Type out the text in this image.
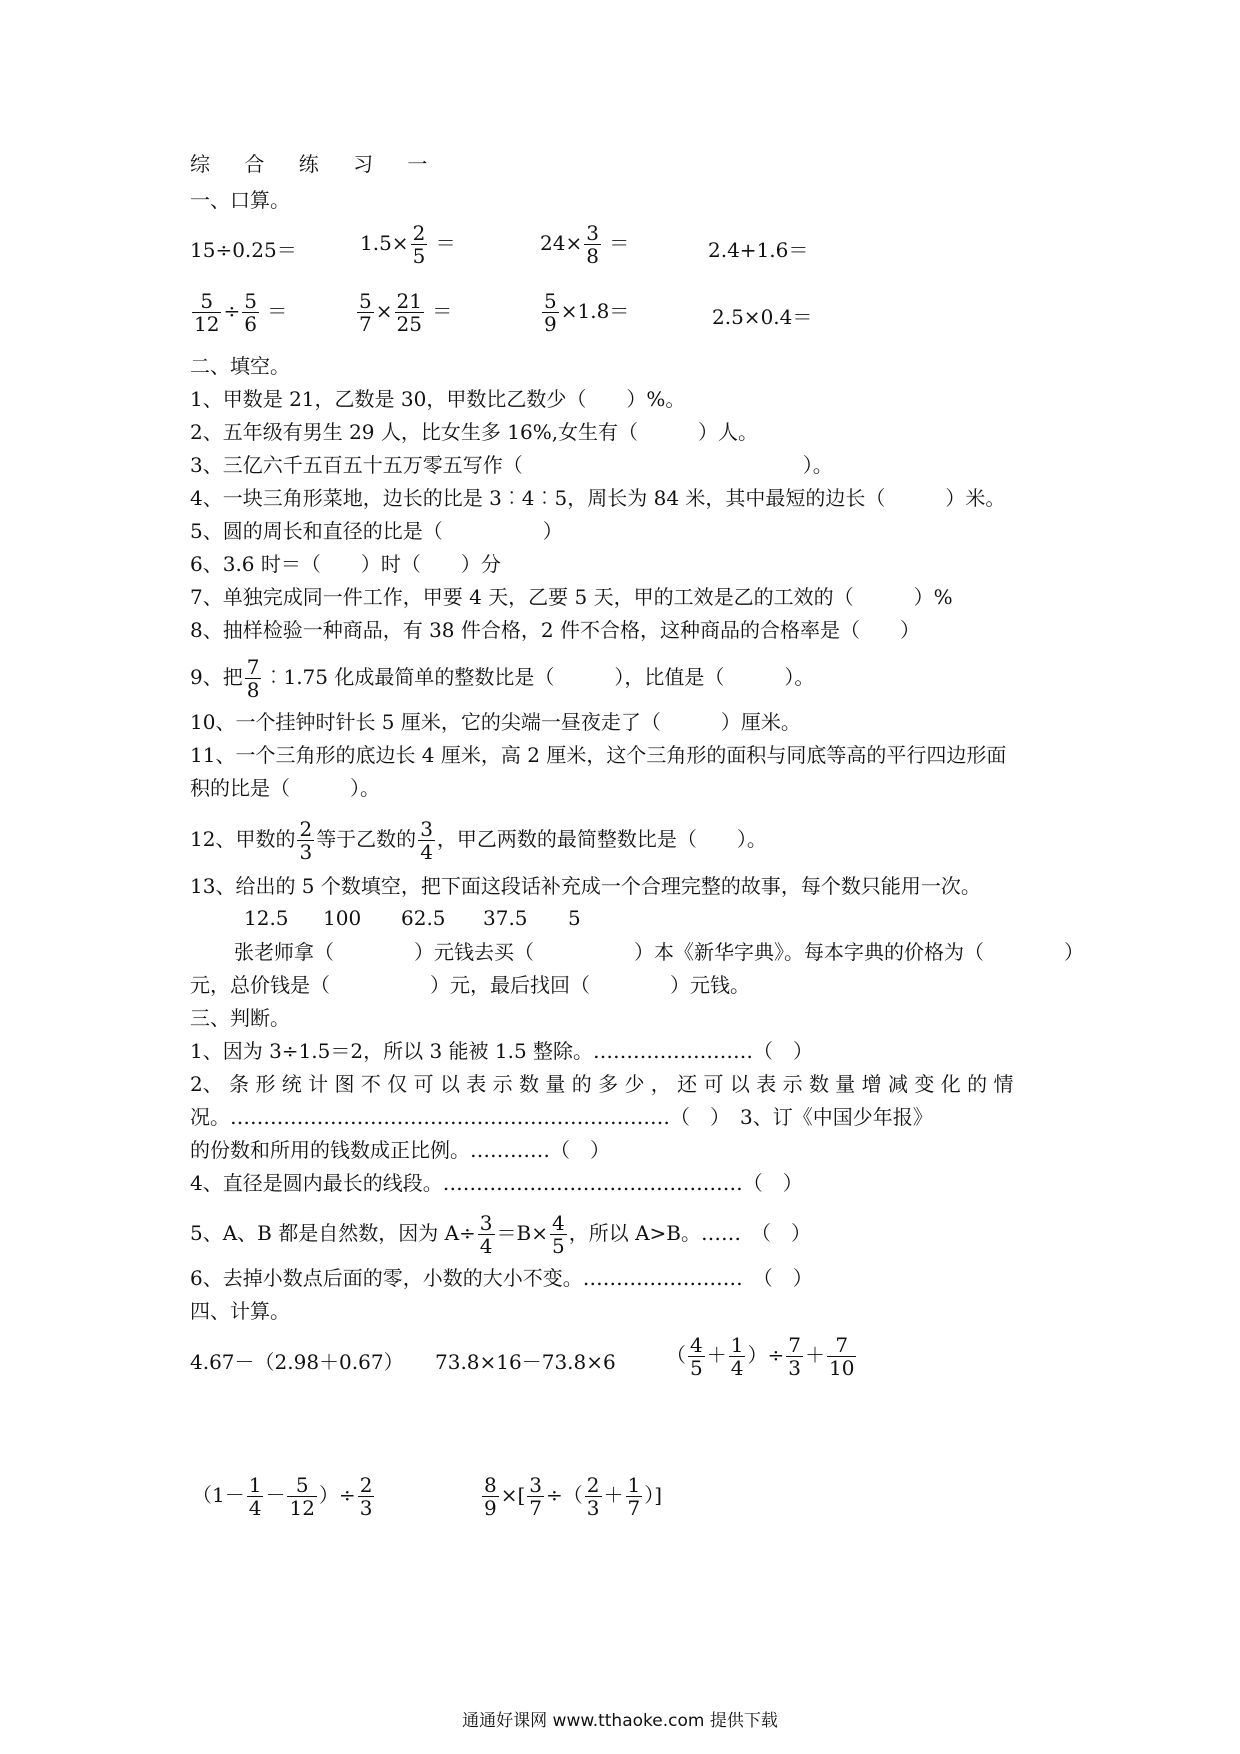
综 合 练 习 一
一、口算。
15÷0.25＝	$1.5\times \frac{2}{5}$ ＝	$24\times \frac{3}{8}$ ＝	2.4+1.6＝
$\frac{5}{12} \div \frac{5}{6}$ ＝	$\frac{5}{7} \times \frac{21}{25}$ ＝	$\frac{5}{9} \times 1.8=$	2.5×0.4＝
二、填空。
1、甲数是 21，乙数是 30，甲数比乙数少（　　）%。
2、五年级有男生 29 人，比女生多 16%,女生有（　　　）人。
3、三亿六千五百五十五万零五写作（　　　　　　　　　　　　　　）。
4、一块三角形菜地，边长的比是 3︰4︰5，周长为 84 米，其中最短的边长（　　　）米。
5、圆的周长和直径的比是（　　　　　）
6、3.6 时＝（　　）时（　　）分
7、单独完成同一件工作，甲要 4 天，乙要 5 天，甲的工效是乙的工效的（　　　）%
8、抽样检验一种商品，有 38 件合格，2 件不合格，这种商品的合格率是（　　）
9、把 $\frac{7}{8}$ ︰1.75 化成最简单的整数比是（　　　），比值是（　　　）。
10、一个挂钟时针长 5 厘米，它的尖端一昼夜走了（　　　）厘米。
11、一个三角形的底边长 4 厘米，高 2 厘米，这个三角形的面积与同底等高的平行四边形面
积的比是（　　　）。
12、甲数的 $\frac{2}{3}$ 等于乙数的 $\frac{3}{4}$ ，甲乙两数的最简整数比是（　　）。
13、给出的 5 个数填空，把下面这段话补充成一个合理完整的故事，每个数只能用一次。
12.5 100 62.5 37.5 5
张老师拿（　　　　）元钱去买（　　　　　）本《新华字典》。每本字典的价格为（　　　　）
元，总价钱是（　　　　　）元，最后找回（　　　　）元钱。
三、判断。
1、因为 3÷1.5＝2，所以 3 能被 1.5 整除。……………………（　）
2、 条 形 统 计 图 不 仅 可 以 表 示 数 量 的 多 少 ， 还 可 以 表 示 数 量 增 减 变 化 的 情
况。…………………………………………………………（　）　3、订《中国少年报》
的份数和所用的钱数成正比例。…………（　）
4、直径是圆内最长的线段。………………………………………（　）
5、A、B 都是自然数，因为 $A\div \frac{3}{4} =B\times \frac{4}{5}$ ，所以 A>B。……　（　）
6、去掉小数点后面的零，小数的大小不变。……………………　（　）
四、计算。
4.67－（2.98＋0.67） 73.8×16－73.8×6	（ $\frac{4}{5} + \frac{1}{4}$ ）÷ $\frac{7}{3} + \frac{7}{10}$
（$1- \frac{1}{4} - \frac{5}{12}$ ）÷ $\frac{2}{3}$	$\frac{8}{9}$ ×[ $\frac{3}{7}$ ÷（ $\frac{2}{3} + \frac{1}{7}$ ）]
通通好课网 www.tthaoke.com 提供下载
